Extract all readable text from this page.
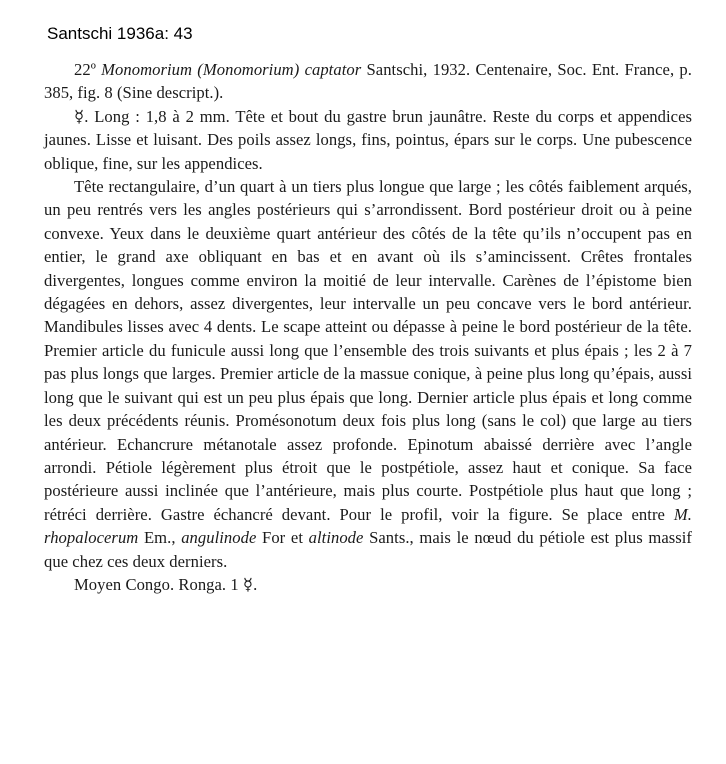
Santschi 1936a: 43

22º Monomorium (Monomorium) captator Santschi, 1932. Centenaire, Soc. Ent. France, p. 385, fig. 8 (Sine descript.).

☿. Long : 1,8 à 2 mm. Tête et bout du gastre brun jaunâtre. Reste du corps et appendices jaunes. Lisse et luisant. Des poils assez longs, fins, pointus, épars sur le corps. Une pubescence oblique, fine, sur les appendices.

Tête rectangulaire, d’un quart à un tiers plus longue que large ; les côtés faiblement arqués, un peu rentrés vers les angles postérieurs qui s’arrondissent. Bord postérieur droit ou à peine convexe. Yeux dans le deuxième quart antérieur des côtés de la tête qu’ils n’occupent pas en entier, le grand axe obliquant en bas et en avant où ils s’amincissent. Crêtes frontales divergentes, longues comme environ la moitié de leur intervalle. Carènes de l’épistome bien dégagées en dehors, assez divergentes, leur intervalle un peu concave vers le bord antérieur. Mandibules lisses avec 4 dents. Le scape atteint ou dépasse à peine le bord postérieur de la tête. Premier article du funicule aussi long que l’ensemble des trois suivants et plus épais ; les 2 à 7 pas plus longs que larges. Premier article de la massue conique, à peine plus long qu’épais, aussi long que le suivant qui est un peu plus épais que long. Dernier article plus épais et long comme les deux précédents réunis. Promésonotum deux fois plus long (sans le col) que large au tiers antérieur. Echancrure métanotale assez profonde. Epinotum abaissé derrière avec l’angle arrondi. Pétiole légèrement plus étroit que le postpétiole, assez haut et conique. Sa face postérieure aussi inclinée que l’antérieure, mais plus courte. Postpétiole plus haut que long ; rétréci derrière. Gastre échancré devant. Pour le profil, voir la figure. Se place entre M. rhopalocerum Em., angulinode For et altinode Sants., mais le nœud du pétiole est plus massif que chez ces deux derniers.

Moyen Congo. Ronga. 1 ☿.
